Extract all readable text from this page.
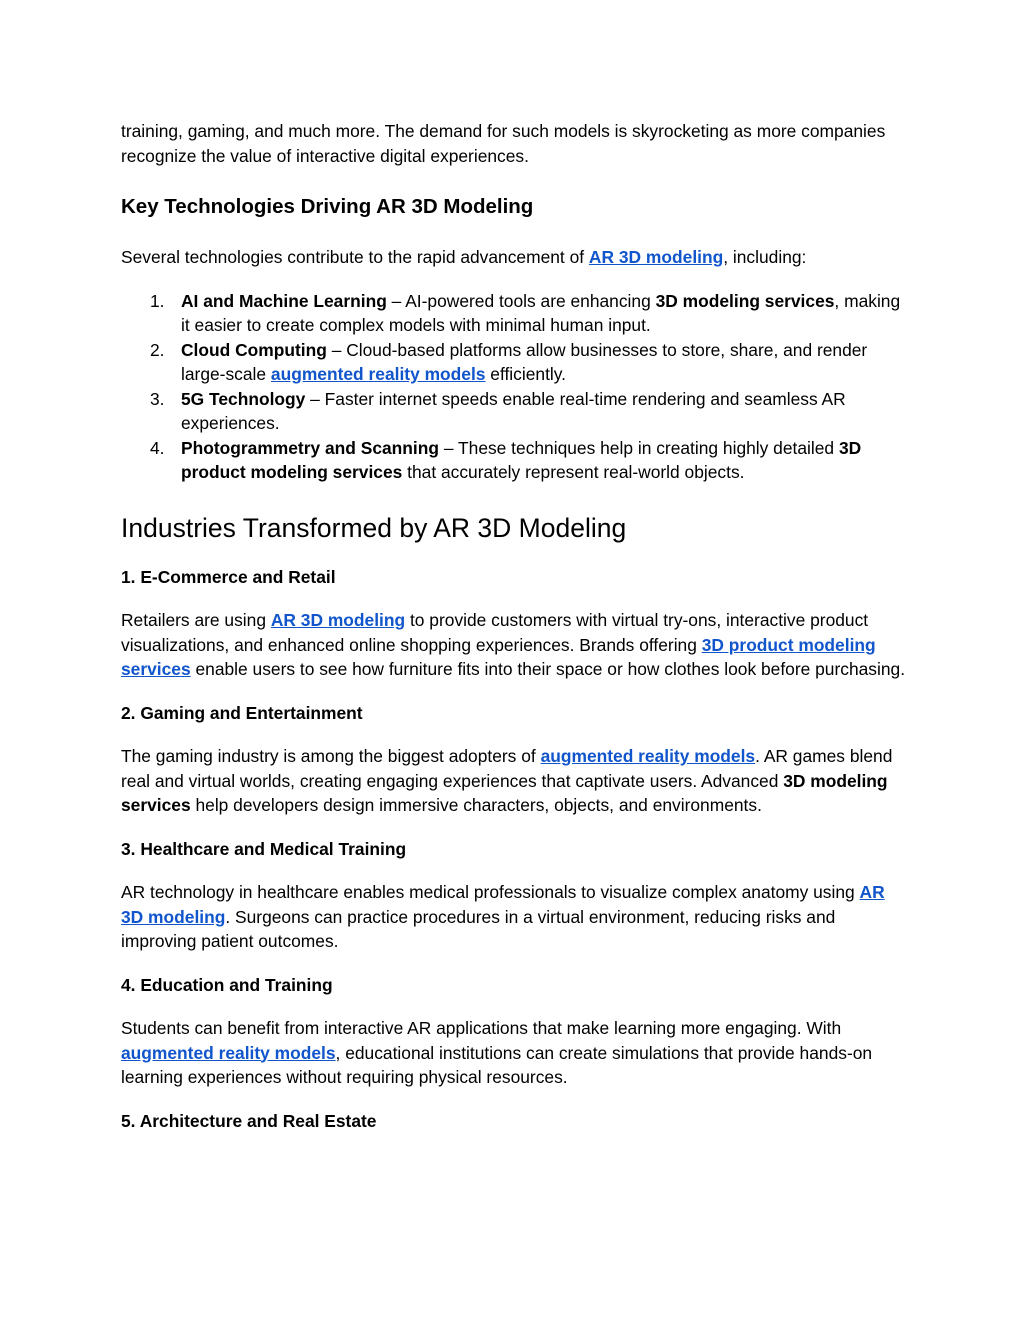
training, gaming, and much more. The demand for such models is skyrocketing as more companies recognize the value of interactive digital experiences.

Key Technologies Driving AR 3D Modeling

Several technologies contribute to the rapid advancement of AR 3D modeling, including:

1. AI and Machine Learning – AI-powered tools are enhancing 3D modeling services, making it easier to create complex models with minimal human input.
2. Cloud Computing – Cloud-based platforms allow businesses to store, share, and render large-scale augmented reality models efficiently.
3. 5G Technology – Faster internet speeds enable real-time rendering and seamless AR experiences.
4. Photogrammetry and Scanning – These techniques help in creating highly detailed 3D product modeling services that accurately represent real-world objects.
Industries Transformed by AR 3D Modeling
1. E-Commerce and Retail

Retailers are using AR 3D modeling to provide customers with virtual try-ons, interactive product visualizations, and enhanced online shopping experiences. Brands offering 3D product modeling services enable users to see how furniture fits into their space or how clothes look before purchasing.

2. Gaming and Entertainment

The gaming industry is among the biggest adopters of augmented reality models. AR games blend real and virtual worlds, creating engaging experiences that captivate users. Advanced 3D modeling services help developers design immersive characters, objects, and environments.

3. Healthcare and Medical Training

AR technology in healthcare enables medical professionals to visualize complex anatomy using AR 3D modeling. Surgeons can practice procedures in a virtual environment, reducing risks and improving patient outcomes.

4. Education and Training

Students can benefit from interactive AR applications that make learning more engaging. With augmented reality models, educational institutions can create simulations that provide hands-on learning experiences without requiring physical resources.

5. Architecture and Real Estate
